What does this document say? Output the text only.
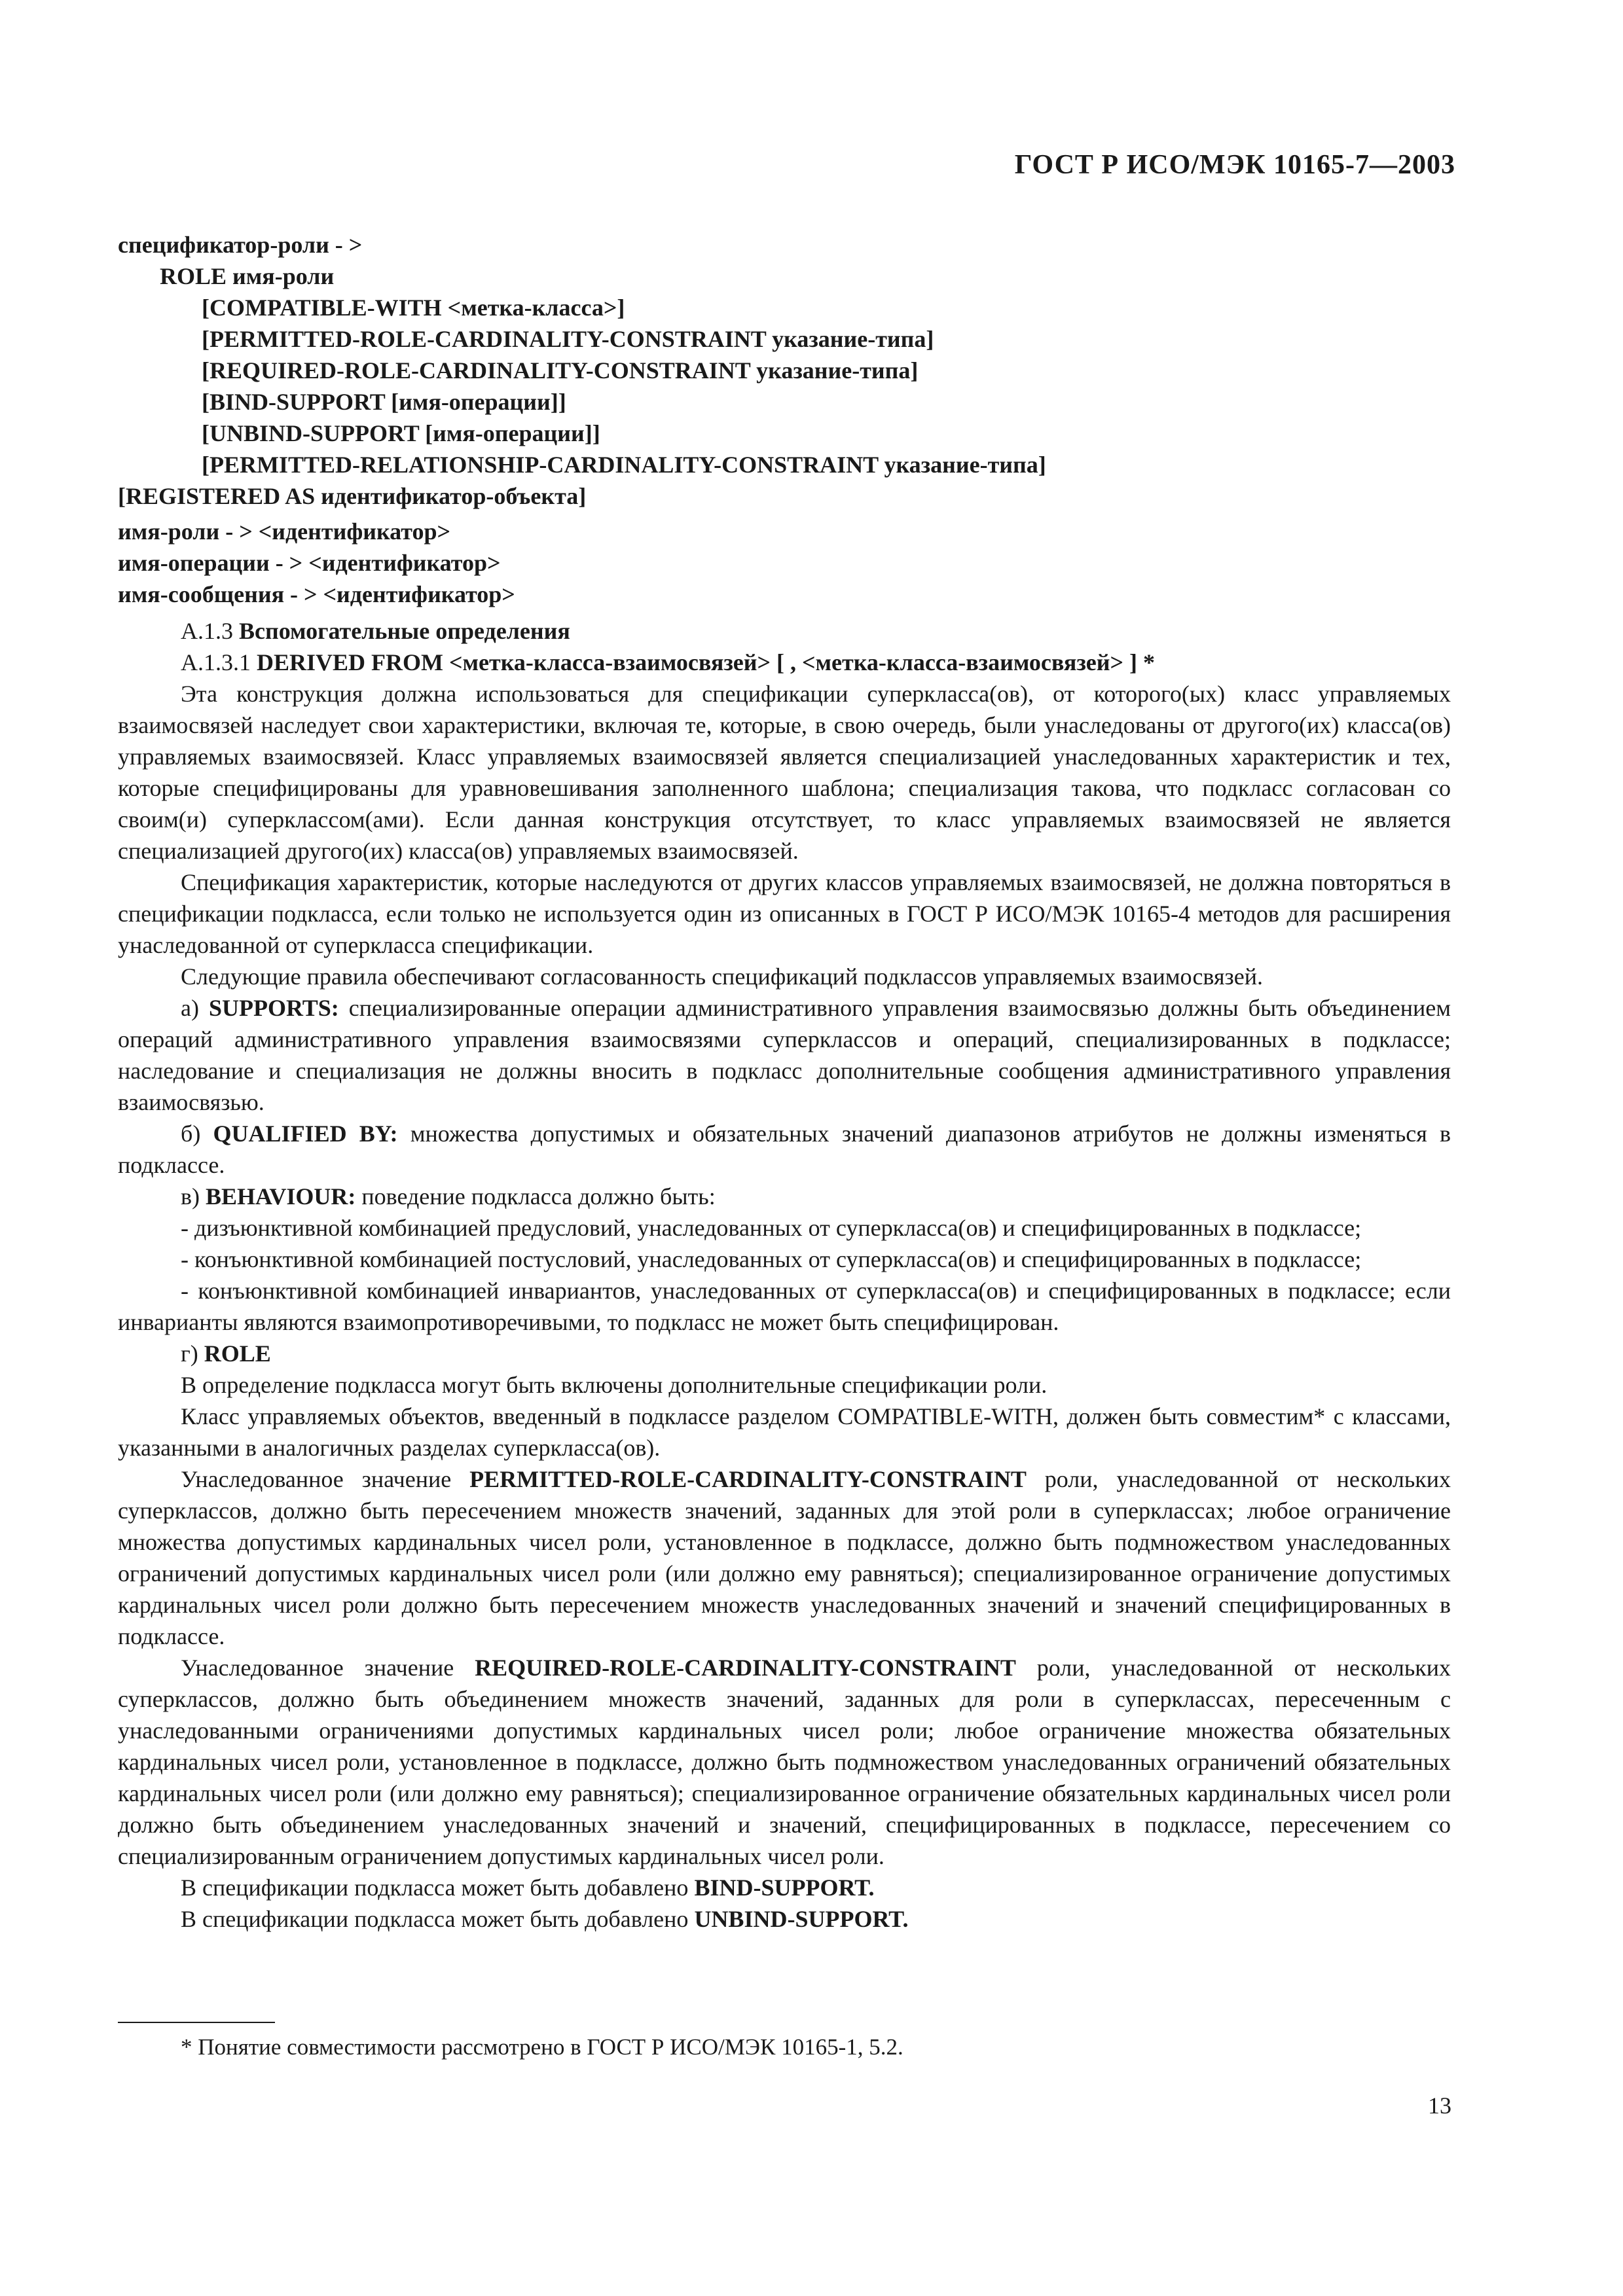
ГОСТ Р ИСО/МЭК 10165-7—2003
спецификатор-роли - >
ROLE имя-роли
[COMPATIBLE-WITH <метка-класса>]
[PERMITTED-ROLE-CARDINALITY-CONSTRAINT указание-типа]
[REQUIRED-ROLE-CARDINALITY-CONSTRAINT указание-типа]
[BIND-SUPPORT [имя-операции]]
[UNBIND-SUPPORT [имя-операции]]
[PERMITTED-RELATIONSHIP-CARDINALITY-CONSTRAINT указание-типа]
[REGISTERED AS идентификатор-объекта]
имя-роли - > <идентификатор>
имя-операции - > <идентификатор>
имя-сообщения - > <идентификатор>
А.1.3 Вспомогательные определения
А.1.3.1 DERIVED FROM <метка-класса-взаимосвязей> [ , <метка-класса-взаимосвязей> ] *

Эта конструкция должна использоваться для спецификации суперкласса(ов), от которого(ых) класс управляемых взаимосвязей наследует свои характеристики, включая те, которые, в свою очередь, были унаследованы от другого(их) класса(ов) управляемых взаимосвязей. Класс управляемых взаимосвязей является специализацией унаследованных характеристик и тех, которые специфицированы для уравновешивания заполненного шаблона; специализация такова, что подкласс согласован со своим(и) суперклассом(ами). Если данная конструкция отсутствует, то класс управляемых взаимосвязей не является специализацией другого(их) класса(ов) управляемых взаимосвязей.

Спецификация характеристик, которые наследуются от других классов управляемых взаимосвязей, не должна повторяться в спецификации подкласса, если только не используется один из описанных в ГОСТ Р ИСО/МЭК 10165-4 методов для расширения унаследованной от суперкласса спецификации.

Следующие правила обеспечивают согласованность спецификаций подклассов управляемых взаимосвязей.

а) SUPPORTS: специализированные операции административного управления взаимосвязью должны быть объединением операций административного управления взаимосвязями суперклассов и операций, специализированных в подклассе; наследование и специализация не должны вносить в подкласс дополнительные сообщения административного управления взаимосвязью.

б) QUALIFIED BY: множества допустимых и обязательных значений диапазонов атрибутов не должны изменяться в подклассе.

в) BEHAVIOUR: поведение подкласса должно быть:

- дизъюнктивной комбинацией предусловий, унаследованных от суперкласса(ов) и специфицированных в подклассе;

- конъюнктивной комбинацией постусловий, унаследованных от суперкласса(ов) и специфицированных в подклассе;

- конъюнктивной комбинацией инвариантов, унаследованных от суперкласса(ов) и специфицированных в подклассе; если инварианты являются взаимопротиворечивыми, то подкласс не может быть специфицирован.

г) ROLE

В определение подкласса могут быть включены дополнительные спецификации роли.

Класс управляемых объектов, введенный в подклассе разделом COMPATIBLE-WITH, должен быть совместим* с классами, указанными в аналогичных разделах суперкласса(ов).

Унаследованное значение PERMITTED-ROLE-CARDINALITY-CONSTRAINT роли, унаследованной от нескольких суперклассов, должно быть пересечением множеств значений, заданных для этой роли в суперклассах; любое ограничение множества допустимых кардинальных чисел роли, установленное в подклассе, должно быть подмножеством унаследованных ограничений допустимых кардинальных чисел роли (или должно ему равняться); специализированное ограничение допустимых кардинальных чисел роли должно быть пересечением множеств унаследованных значений и значений специфицированных в подклассе.

Унаследованное значение REQUIRED-ROLE-CARDINALITY-CONSTRAINT роли, унаследованной от нескольких суперклассов, должно быть объединением множеств значений, заданных для роли в суперклассах, пересеченным с унаследованными ограничениями допустимых кардинальных чисел роли; любое ограничение множества обязательных кардинальных чисел роли, установленное в подклассе, должно быть подмножеством унаследованных ограничений обязательных кардинальных чисел роли (или должно ему равняться); специализированное ограничение обязательных кардинальных чисел роли должно быть объединением унаследованных значений и значений, специфицированных в подклассе, пересечением со специализированным ограничением допустимых кардинальных чисел роли.

В спецификации подкласса может быть добавлено BIND-SUPPORT.

В спецификации подкласса может быть добавлено UNBIND-SUPPORT.

* Понятие совместимости рассмотрено в ГОСТ Р ИСО/МЭК 10165-1, 5.2.
13
